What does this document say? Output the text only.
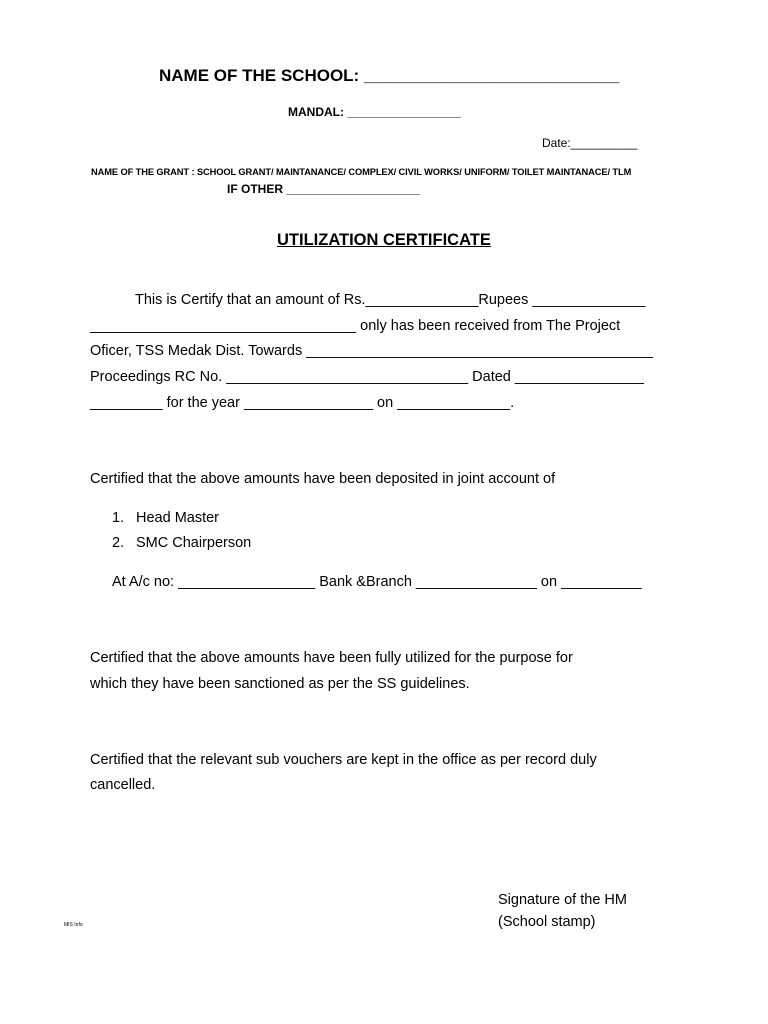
NAME OF THE SCHOOL: ___________________________
MANDAL: _________________
Date:__________
NAME OF THE GRANT : SCHOOL GRANT/ MAINTANANCE/ COMPLEX/ CIVIL WORKS/ UNIFORM/ TOILET MAINTANACE/ TLM
IF OTHER ____________________
UTILIZATION CERTIFICATE
This is Certify that an amount of Rs.______________Rupees ______________
_________________________________ only has been received from The Project
Oficer, TSS Medak Dist. Towards ___________________________________________
Proceedings RC No. ______________________________ Dated ________________
_________ for the year ________________ on ______________.
Certified that the above amounts have been deposited in joint account of
1. Head Master
2. SMC Chairperson
At A/c no: _________________ Bank &Branch _______________ on __________
Certified that the above amounts have been fully utilized for the purpose for
which they have been sanctioned as per the SS guidelines.
Certified that the relevant sub vouchers are kept in the office as per record duly
cancelled.
Signature of the HM
(School stamp)
MIS Info
